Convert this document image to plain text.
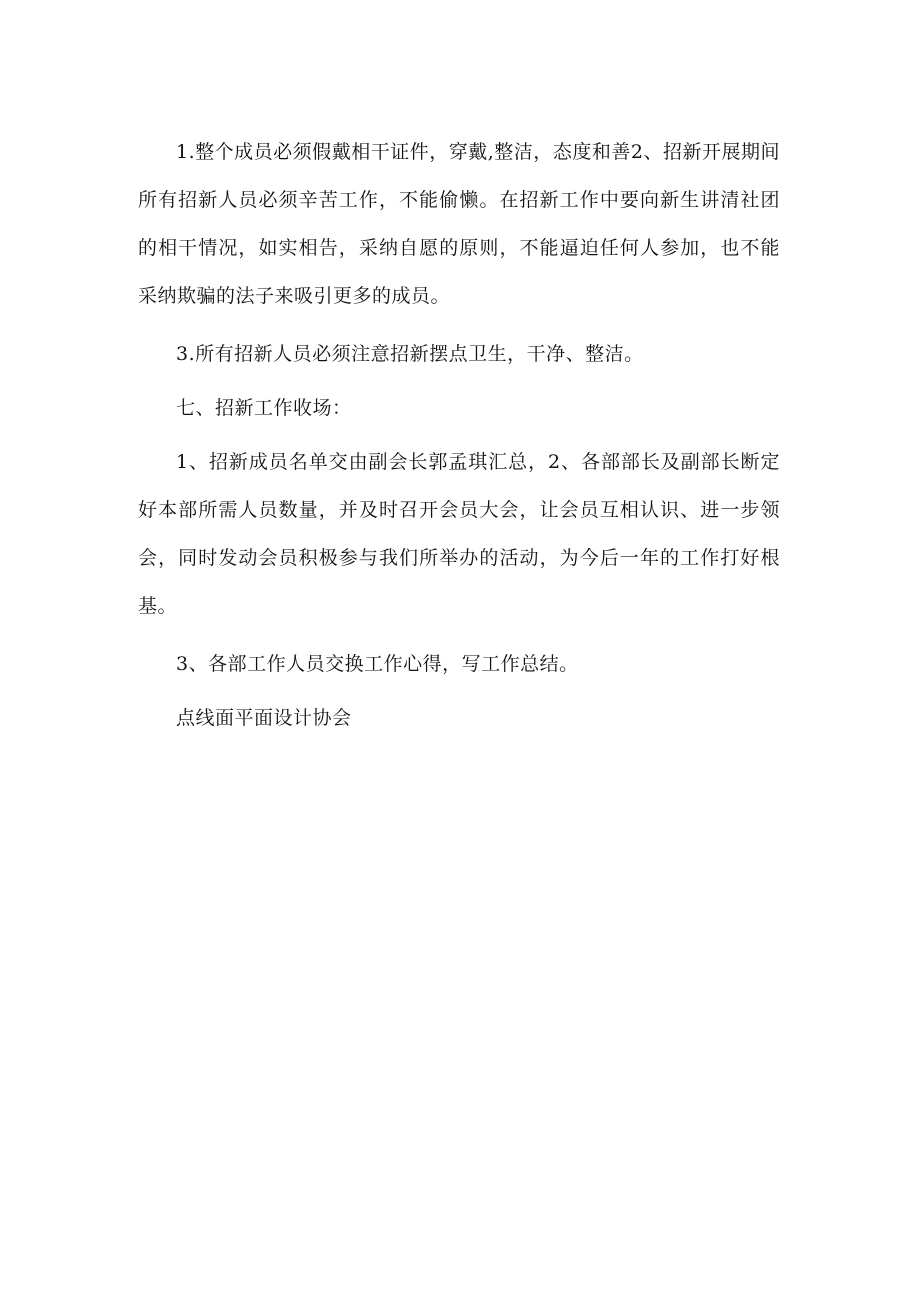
1.整个成员必须假戴相干证件，穿戴,整洁，态度和善2、招新开展期间所有招新人员必须辛苦工作，不能偷懒。在招新工作中要向新生讲清社团的相干情况，如实相告，采纳自愿的原则，不能逼迫任何人参加，也不能采纳欺骗的法子来吸引更多的成员。

3.所有招新人员必须注意招新摆点卫生，干净、整洁。

七、招新工作收场：

1、招新成员名单交由副会长郭孟琪汇总，2、各部部长及副部长断定好本部所需人员数量，并及时召开会员大会，让会员互相认识、进一步领会，同时发动会员积极参与我们所举办的活动，为今后一年的工作打好根基。

3、各部工作人员交换工作心得，写工作总结。

点线面平面设计协会
